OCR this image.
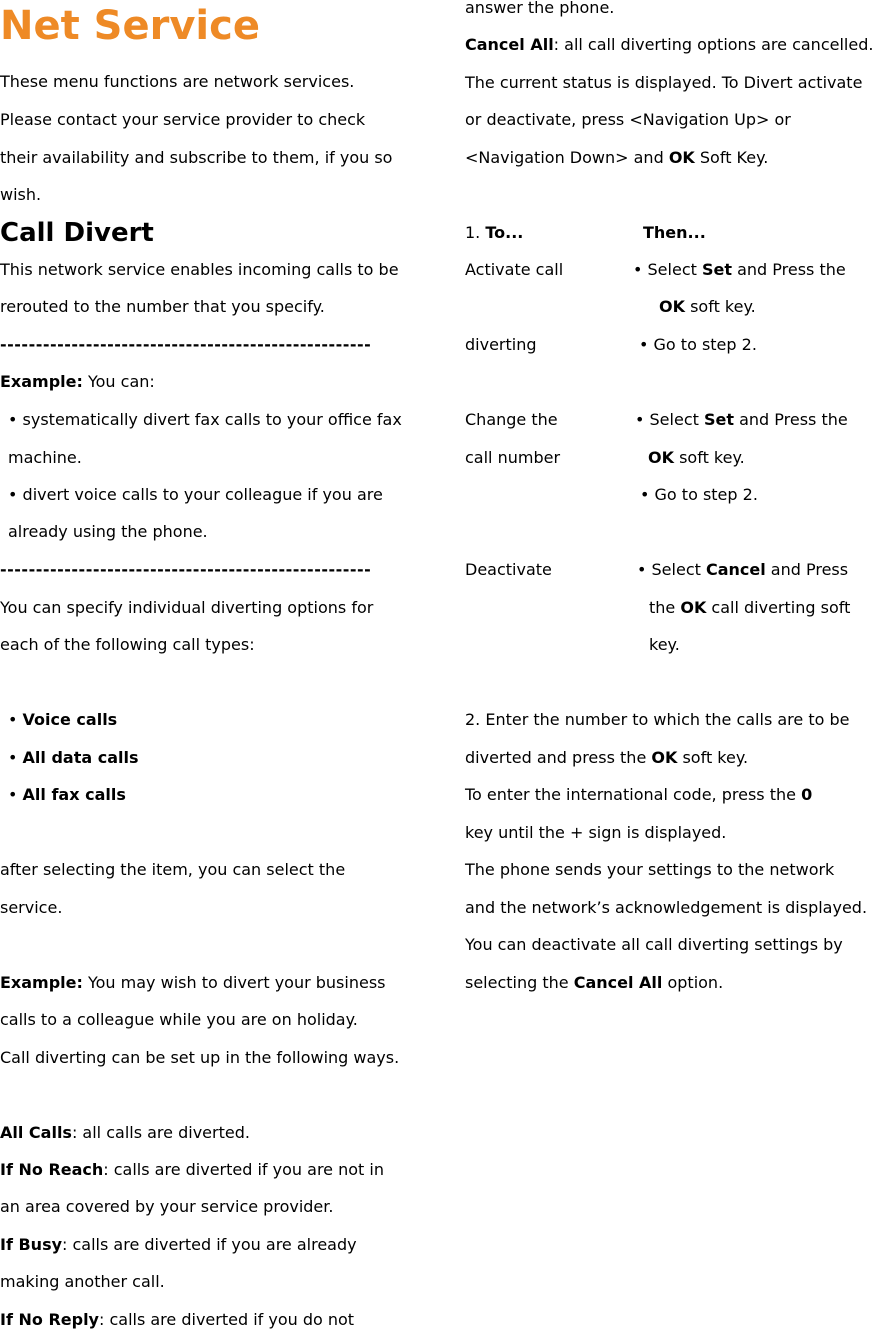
Net Service
These menu functions are network services.
Please contact your service provider to check
their availability and subscribe to them, if you so
wish.
Call Divert
This network service enables incoming calls to be
rerouted to the number that you specify.
----------------------------------------------------
Example: You can:
• systematically divert fax calls to your office fax
machine.
• divert voice calls to your colleague if you are
already using the phone.
----------------------------------------------------
You can specify individual diverting options for
each of the following call types:
• Voice calls
• All data calls
• All fax calls
after selecting the item, you can select the
service.
Example: You may wish to divert your business
calls to a colleague while you are on holiday.
Call diverting can be set up in the following ways.
All Calls: all calls are diverted.
If No Reach: calls are diverted if you are not in
an area covered by your service provider.
If Busy: calls are diverted if you are already
making another call.
If No Reply: calls are diverted if you do not
answer the phone.
Cancel All: all call diverting options are cancelled.
The current status is displayed. To Divert activate
or deactivate, press <Navigation Up> or
<Navigation Down> and OK Soft Key.
1. To...	Then...
Activate call	• Select Set and Press the
OK soft key.
diverting	• Go to step 2.
Change the	• Select Set and Press the
call number	OK soft key.
• Go to step 2.
Deactivate	• Select Cancel and Press
the OK call diverting soft
key.
2. Enter the number to which the calls are to be
diverted and press the OK soft key.
To enter the international code, press the 0
key until the + sign is displayed.
The phone sends your settings to the network
and the network’s acknowledgement is displayed.
You can deactivate all call diverting settings by
selecting the Cancel All option.
